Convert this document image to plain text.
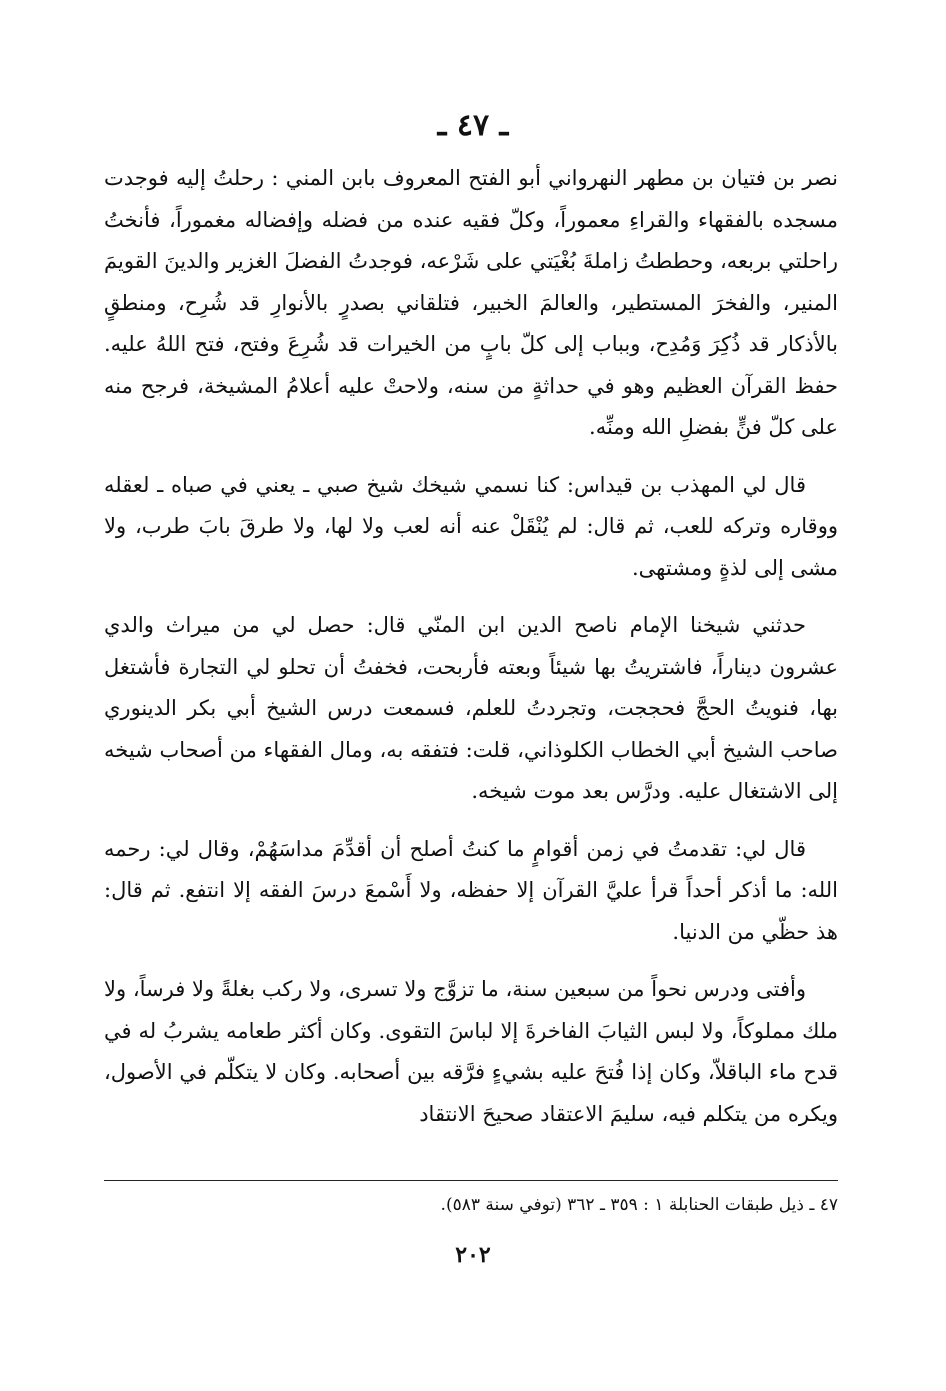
ـ ٤٧ ـ

نصر بن فتيان بن مطهر النهرواني أبو الفتح المعروف بابن المني : رحلتُ إليه فوجدت مسجده بالفقهاء والقراءِ معموراً، وكلّ فقيه عنده من فضله وإفضاله مغموراً، فأنختُ راحلتي بربعه، وحططتُ زاملةَ بُغْيَتي على شَرْعه، فوجدتُ الفضلَ الغزير والدينَ القويمَ المنير، والفخرَ المستطير، والعالمَ الخبير، فتلقاني بصدرٍ بالأنوارِ قد شُرِح، ومنطقٍ بالأذكار قد ذُكِرَ وَمُدِح، وبباب إلى كلّ بابٍ من الخيرات قد شُرِعَ وفتح، فتح اللهُ عليه. حفظ القرآن العظيم وهو في حداثةٍ من سنه، ولاحتْ عليه أعلامُ المشيخة، فرجح منه على كلّ فنٍّ بفضلِ الله ومنِّه.

قال لي المهذب بن قيداس: كنا نسمي شيخك شيخ صبي ـ يعني في صباه ـ لعقله ووقاره وتركه للعب، ثم قال: لم يُنْقَلْ عنه أنه لعب ولا لها، ولا طرقَ بابَ طرب، ولا مشى إلى لذةٍ ومشتهى.

حدثني شيخنا الإمام ناصح الدين ابن المنّي قال: حصل لي من ميراث والدي عشرون ديناراً، فاشتريتُ بها شيئاً وبعته فأربحت، فخفتُ أن تحلو لي التجارة فأشتغل بها، فنويتُ الحجَّ فحججت، وتجردتُ للعلم، فسمعت درس الشيخ أبي بكر الدينوري صاحب الشيخ أبي الخطاب الكلوذاني، قلت: فتفقه به، ومال الفقهاء من أصحاب شيخه إلى الاشتغال عليه. ودرَّس بعد موت شيخه.

قال لي: تقدمتُ في زمن أقوامٍ ما كنتُ أصلح أن أقدِّمَ مداسَهُمْ، وقال لي: رحمه الله: ما أذكر أحداً قرأ عليَّ القرآن إلا حفظه، ولا أَسْمعَ درسَ الفقه إلا انتفع. ثم قال: هذ حظّي من الدنيا.

وأفتى ودرس نحواً من سبعين سنة، ما تزوَّج ولا تسرى، ولا ركب بغلةً ولا فرساً، ولا ملك مملوكاً، ولا لبس الثيابَ الفاخرةَ إلا لباسَ التقوى. وكان أكثر طعامه يشربُ له في قدح ماء الباقلاّ، وكان إذا فُتحَ عليه بشيءٍ فرَّقه بين أصحابه. وكان لا يتكلّم في الأصول، ويكره من يتكلم فيه، سليمَ الاعتقاد صحيحَ الانتقاد

٤٧ ـ ذيل طبقات الحنابلة ١ : ٣٥٩ ـ ٣٦٢ (توفي سنة ٥٨٣).
٢٠٢
